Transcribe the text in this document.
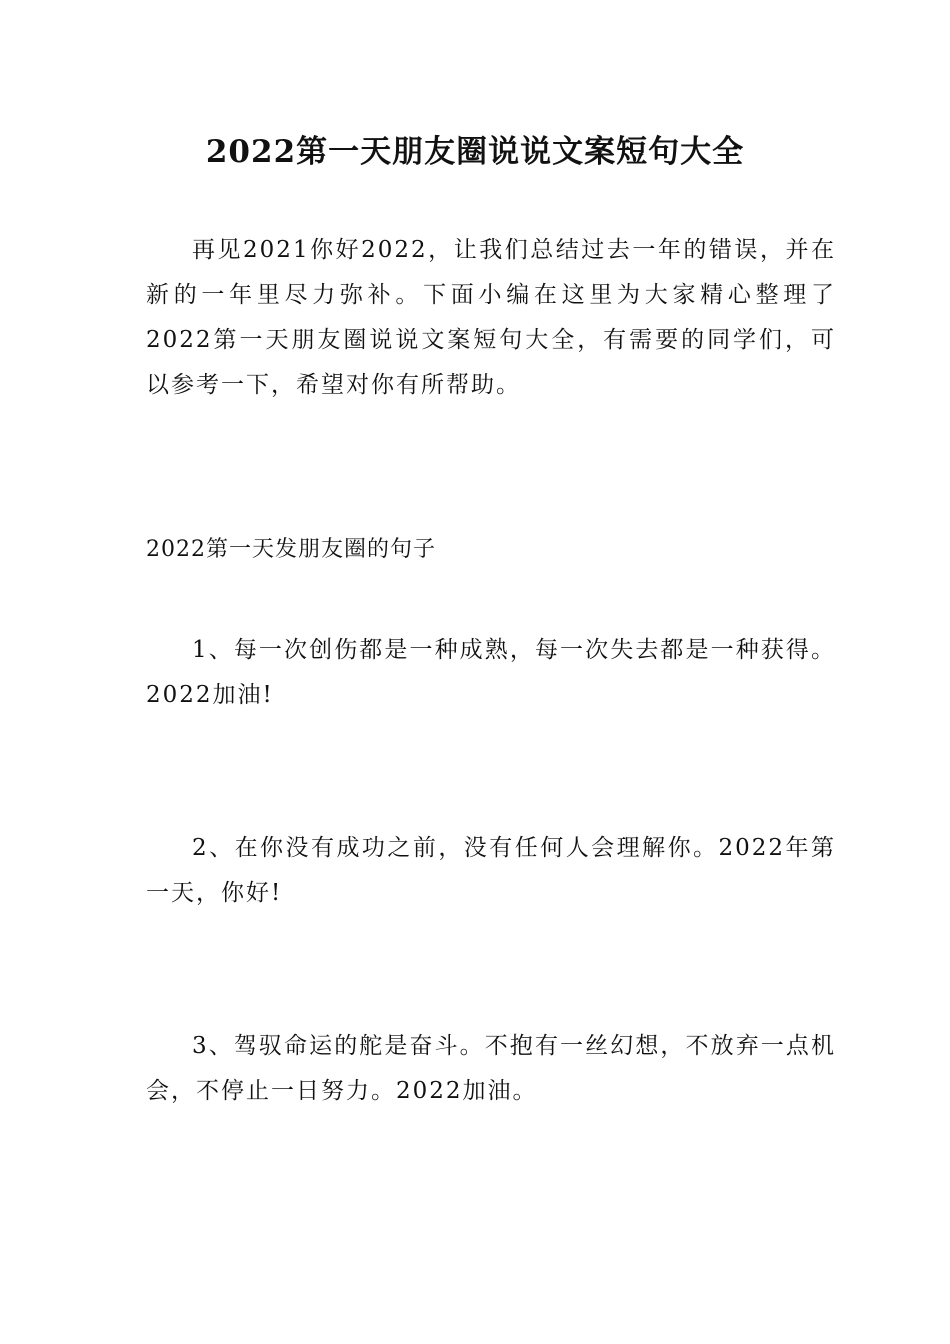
2022第一天朋友圈说说文案短句大全

再见2021你好2022，让我们总结过去一年的错误，并在新的一年里尽力弥补。下面小编在这里为大家精心整理了2022第一天朋友圈说说文案短句大全，有需要的同学们，可以参考一下，希望对你有所帮助。

2022第一天发朋友圈的句子

1、每一次创伤都是一种成熟，每一次失去都是一种获得。2022加油!

2、在你没有成功之前，没有任何人会理解你。2022年第一天，你好!

3、驾驭命运的舵是奋斗。不抱有一丝幻想，不放弃一点机会，不停止一日努力。2022加油。
